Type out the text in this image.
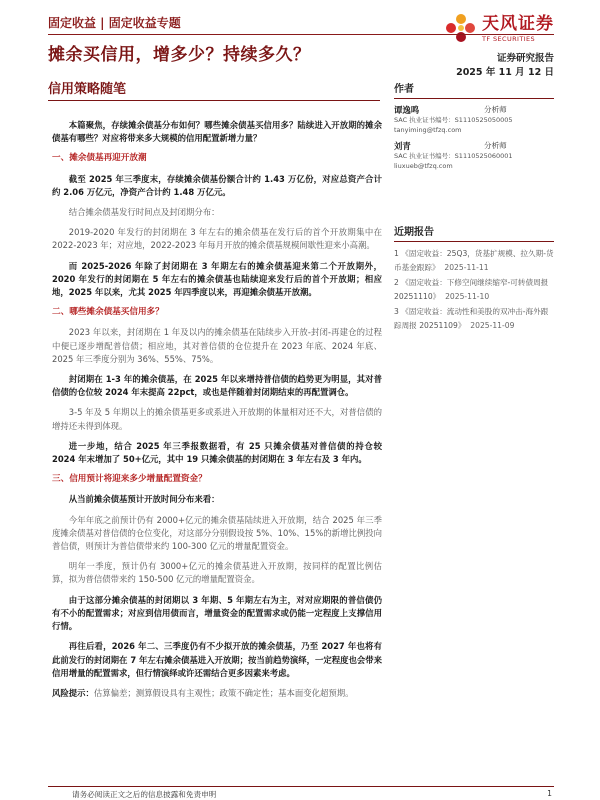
固定收益 | 固定收益专题	天风证券
TF SECURITIES
摊余买信用，增多少？持续多久？	证券研究报告
2025 年 11 月 12 日
信用策略随笔

本篇聚焦，存续摊余债基分布如何？哪些摊余债基买信用多？陆续进入开放期的摊余债基有哪些？对应将带来多大规模的信用配置新增力量？

一、摊余债基再迎开放潮

截至 2025 年三季度末，存续摊余债基份额合计约 1.43 万亿份，对应总资产合计约 2.06 万亿元，净资产合计约 1.48 万亿元。

结合摊余债基发行时间点及封闭期分布：

2019-2020 年发行的封闭期在 3 年左右的摊余债基在发行后的首个开放期集中在 2022-2023 年；对应地，2022-2023 年每月开放的摊余债基规模间歇性迎来小高潮。

而 2025-2026 年除了封闭期在 3 年期左右的摊余债基迎来第二个开放期外，2020 年发行的封闭期在 5 年左右的摊余债基也陆续迎来发行后的首个开放期；相应地，2025 年以来，尤其 2025 年四季度以来，再迎摊余债基开放潮。

二、哪些摊余债基买信用多？

2023 年以来，封闭期在 1 年及以内的摊余债基在陆续步入开放-封闭-再建仓的过程中便已逐步增配普信债；相应地，其对普信债的仓位提升在 2023 年底、2024 年底、2025 年三季度分别为 36%、55%、75%。

封闭期在 1-3 年的摊余债基，在 2025 年以来增持普信债的趋势更为明显，其对普信债的仓位较 2024 年末提高 22pct，或也是伴随着封闭期结束的再配置调仓。

3-5 年及 5 年期以上的摊余债基更多或系进入开放期的体量相对还不大，对普信债的增持还未得到体现。

进一步地，结合 2025 年三季报数据看，有 25 只摊余债基对普信债的持仓较 2024 年末增加了 50+亿元，其中 19 只摊余债基的封闭期在 3 年左右及 3 年内。

三、信用预计将迎来多少增量配置资金？

从当前摊余债基预计开放时间分布来看：

今年年底之前预计仍有 2000+亿元的摊余债基陆续进入开放期，结合 2025 年三季度摊余债基对普信债的仓位变化，对这部分分别假设按 5%、10%、15%的新增比例投向普信债，则预计为普信债带来约 100-300 亿元的增量配置资金。

明年一季度，预计仍有 3000+亿元的摊余债基进入开放期，按同样的配置比例估算，拟为普信债带来约 150-500 亿元的增量配置资金。

由于这部分摊余债基的封闭期以 3 年期、5 年期左右为主，对对应期限的普信债仍有不小的配置需求；对应到信用债而言，增量资金的配置需求或仍能一定程度上支撑信用行情。

再往后看，2026 年二、三季度仍有不少拟开放的摊余债基，乃至 2027 年也将有此前发行的封闭期在 7 年左右摊余债基进入开放期；按当前趋势演绎，一定程度也会带来信用增量的配置需求，但行情演绎或许还需结合更多因素来考虑。

风险提示：估算偏差；测算假设具有主观性；政策不确定性；基本面变化超预期。

作者
谭逸鸣	分析师
SAC 执业证书编号：S1110525050005
tanyiming@tfzq.com
刘青	分析师
SAC 执业证书编号：S1110525060001
liuxueb@tfzq.com
近期报告
1 《固定收益：25Q3，货基扩规模、拉久期-货币基金跟踪》 2025-11-11
2 《固定收益：下修空间继续缩窄-可转债周报 20251110》 2025-11-10
3 《固定收益：流动性和美股的双冲击-海外跟踪周报 20251109》 2025-11-09
请务必阅读正文之后的信息披露和免责申明	1
